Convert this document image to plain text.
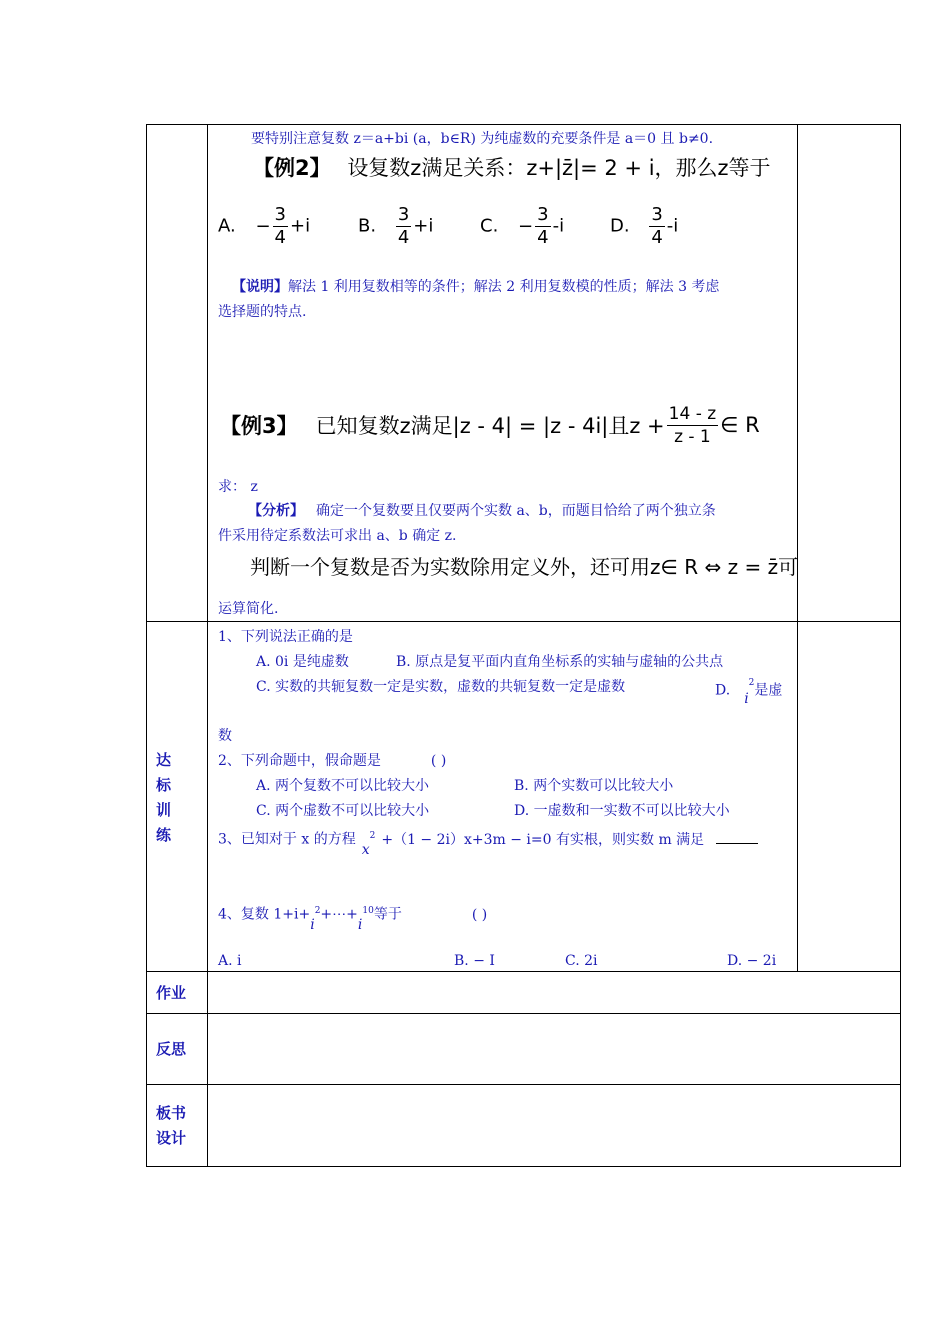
要特别注意复数 z＝a+bi (a，b∈R) 为纯虚数的充要条件是 a＝0 且 b≠0.
【例2】 设复数z满足关系：z+|z̄|= 2 + i，那么z等于
A. − $\frac{3}{4} +i$	B. $\frac{3}{4} +i$	C. − $\frac{3}{4} -i$	D. $\frac{3}{4} -i$
【说明】解法 1 利用复数相等的条件；解法 2 利用复数模的性质；解法 3 考虑
选择题的特点.
【例3】 已知复数z满足|z - 4| = |z - 4i|且$z + \frac{14 - z}{z - 1}$ ∈ R
求： z
【分析】 确定一个复数要且仅要两个实数 a、b，而题目恰给了两个独立条
件采用待定系数法可求出 a、b 确定 z.
判断一个复数是否为实数除用定义外，还可用z∈ R ⇔ z = z̄可
运算简化.
达
标
训
练
1、下列说法正确的是
A. 0i 是纯虚数	B. 原点是复平面内直角坐标系的实轴与虚轴的公共点
C. 实数的共轭复数一定是实数，虚数的共轭复数一定是虚数	D. $i^2$是虚
数
2、下列命题中，假命题是	( )
A. 两个复数不可以比较大小	B. 两个实数可以比较大小
C. 两个虚数不可以比较大小	D. 一虚数和一实数不可以比较大小
3、已知对于 x 的方程$x^2 +(1 - 2i)x+3m - i=0$ 有实根，则实数 m 满足
4、复数 $1+i+i^2+\cdots+i^{10}$等于	( )
A. i	B. − I	C. 2i	D. − 2i
作业
反思
板书
设计
